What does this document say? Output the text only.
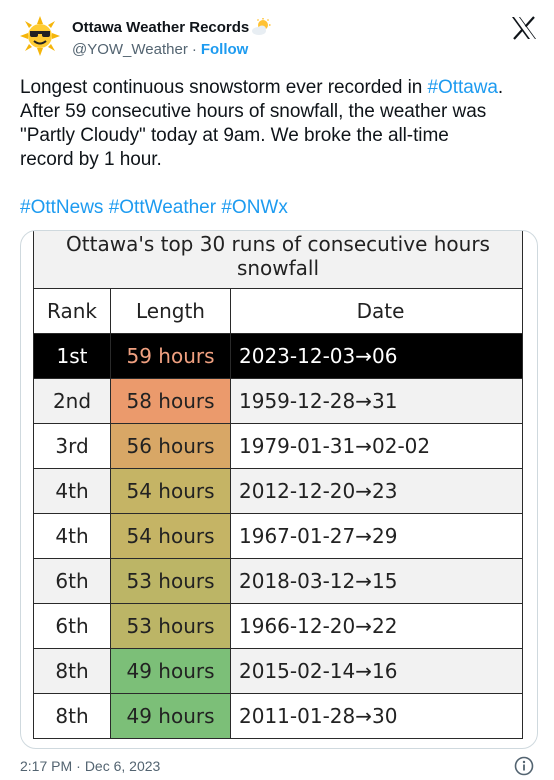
Ottawa Weather Records
@YOW_Weather · Follow
Longest continuous snowstorm ever recorded in #Ottawa.
After 59 consecutive hours of snowfall, the weather was
"Partly Cloudy" today at 9am. We broke the all-time
record by 1 hour.
#OttNews #OttWeather #ONWx
Ottawa's top 30 runs of consecutive hours
snowfall		
Rank	Length	Date
1st	59 hours	2023-12-03→06
2nd	58 hours	1959-12-28→31
3rd	56 hours	1979-01-31→02-02
4th	54 hours	2012-12-20→23
4th	54 hours	1967-01-27→29
6th	53 hours	2018-03-12→15
6th	53 hours	1966-12-20→22
8th	49 hours	2015-02-14→16
8th	49 hours	2011-01-28→30
2:17 PM · Dec 6, 2023
